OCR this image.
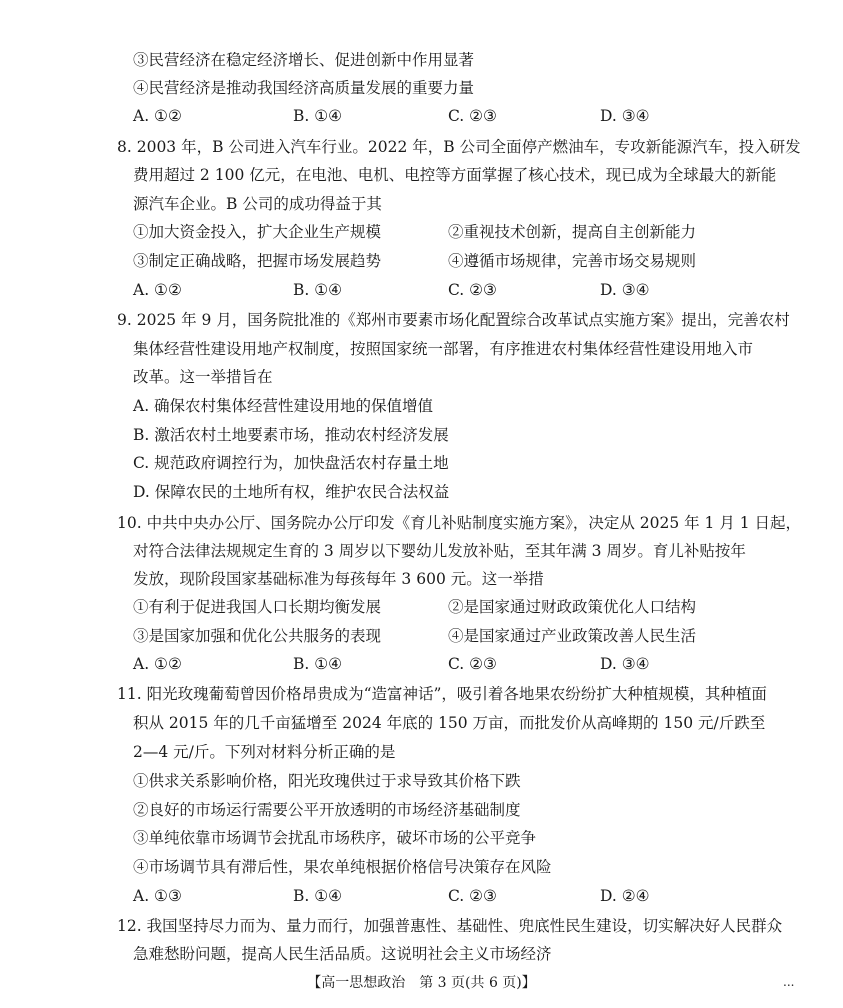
③民营经济在稳定经济增长、促进创新中作用显著
④民营经济是推动我国经济高质量发展的重要力量
A. ①②	B. ①④	C. ②③	D. ③④
8. 2003 年，B 公司进入汽车行业。2022 年，B 公司全面停产燃油车，专攻新能源汽车，投入研发
费用超过 2 100 亿元，在电池、电机、电控等方面掌握了核心技术，现已成为全球最大的新能
源汽车企业。B 公司的成功得益于其
①加大资金投入，扩大企业生产规模	②重视技术创新，提高自主创新能力
③制定正确战略，把握市场发展趋势	④遵循市场规律，完善市场交易规则
A. ①②	B. ①④	C. ②③	D. ③④
9. 2025 年 9 月，国务院批准的《郑州市要素市场化配置综合改革试点实施方案》提出，完善农村
集体经营性建设用地产权制度，按照国家统一部署，有序推进农村集体经营性建设用地入市
改革。这一举措旨在
A. 确保农村集体经营性建设用地的保值增值
B. 激活农村土地要素市场，推动农村经济发展
C. 规范政府调控行为，加快盘活农村存量土地
D. 保障农民的土地所有权，维护农民合法权益
10. 中共中央办公厅、国务院办公厅印发《育儿补贴制度实施方案》，决定从 2025 年 1 月 1 日起，
对符合法律法规规定生育的 3 周岁以下婴幼儿发放补贴，至其年满 3 周岁。育儿补贴按年
发放，现阶段国家基础标准为每孩每年 3 600 元。这一举措
①有利于促进我国人口长期均衡发展	②是国家通过财政政策优化人口结构
③是国家加强和优化公共服务的表现	④是国家通过产业政策改善人民生活
A. ①②	B. ①④	C. ②③	D. ③④
11. 阳光玫瑰葡萄曾因价格昂贵成为“造富神话”，吸引着各地果农纷纷扩大种植规模，其种植面
积从 2015 年的几千亩猛增至 2024 年底的 150 万亩，而批发价从高峰期的 150 元/斤跌至
2—4 元/斤。下列对材料分析正确的是
①供求关系影响价格，阳光玫瑰供过于求导致其价格下跌
②良好的市场运行需要公平开放透明的市场经济基础制度
③单纯依靠市场调节会扰乱市场秩序，破坏市场的公平竞争
④市场调节具有滞后性，果农单纯根据价格信号决策存在风险
A. ①③	B. ①④	C. ②③	D. ②④
12. 我国坚持尽力而为、量力而行，加强普惠性、基础性、兜底性民生建设，切实解决好人民群众
急难愁盼问题，提高人民生活品质。这说明社会主义市场经济
【高一思想政治　第 3 页(共 6 页)】	...
